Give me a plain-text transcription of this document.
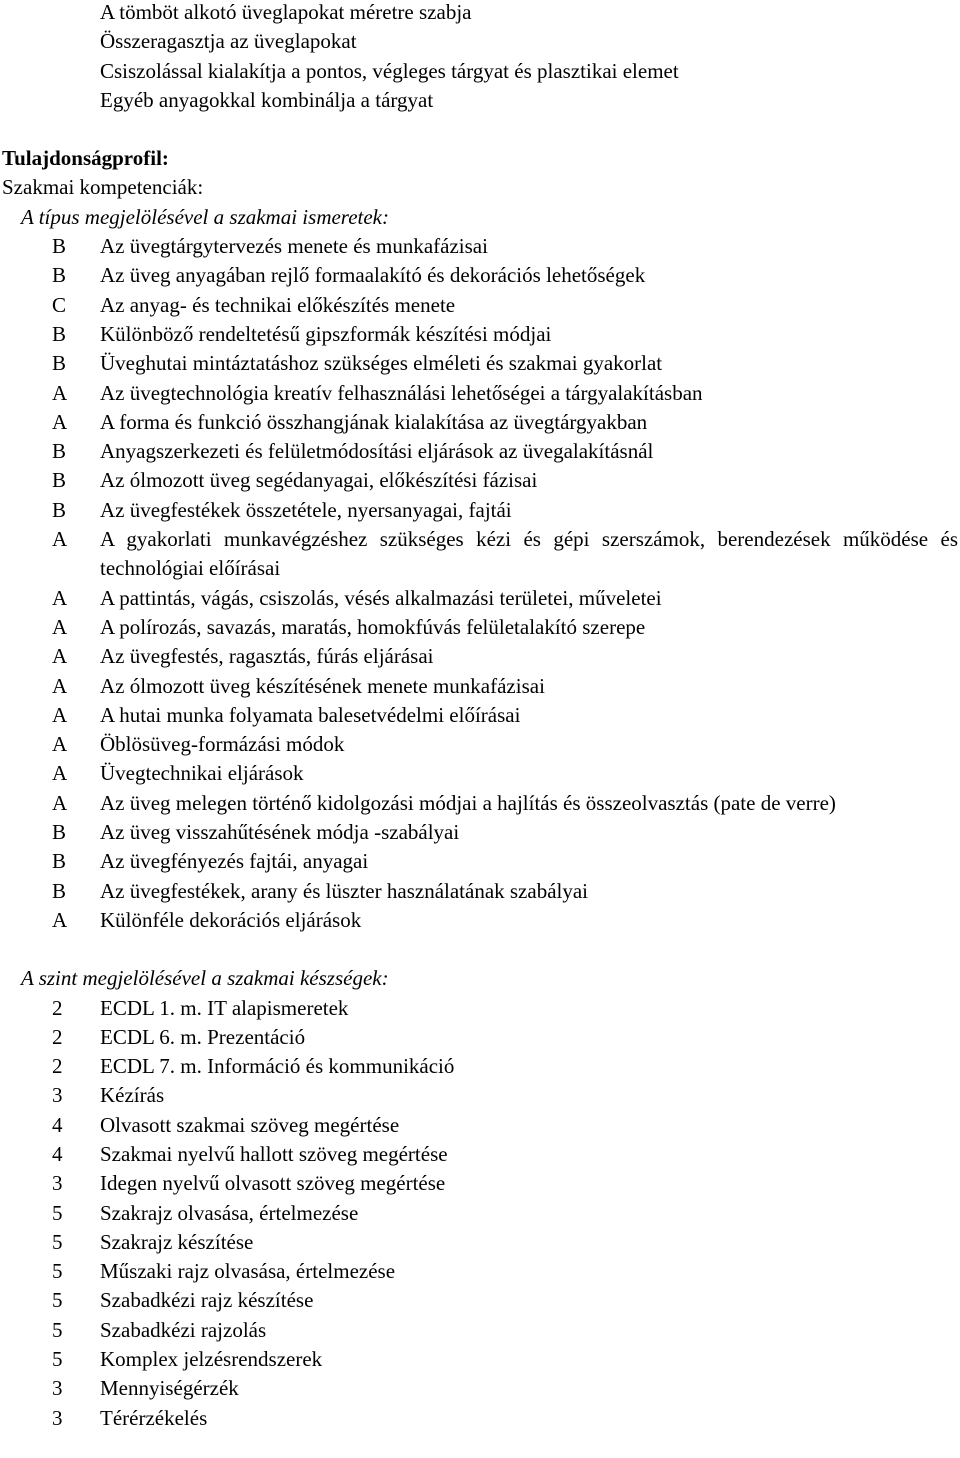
A tömböt alkotó üveglapokat méretre szabja
Összeragasztja az üveglapokat
Csiszolással kialakítja a pontos, végleges tárgyat és plasztikai elemet
Egyéb anyagokkal kombinálja a tárgyat
Tulajdonságprofil:
Szakmai kompetenciák:
A típus megjelölésével a szakmai ismeretek:
B	Az üvegtárgytervezés menete és munkafázisai
B	Az üveg anyagában rejlő formaalakító és dekorációs lehetőségek
C	Az anyag- és technikai előkészítés menete
B	Különböző rendeltetésű gipszformák készítési módjai
B	Üveghutai mintáztatáshoz szükséges elméleti és szakmai gyakorlat
A	Az üvegtechnológia kreatív felhasználási lehetőségei a tárgyalakításban
A	A forma és funkció összhangjának kialakítása az üvegtárgyakban
B	Anyagszerkezeti és felületmódosítási eljárások az üvegalakításnál
B	Az ólmozott üveg segédanyagai, előkészítési fázisai
B	Az üvegfestékek összetétele, nyersanyagai, fajtái
A	A gyakorlati munkavégzéshez szükséges kézi és gépi szerszámok, berendezések működése és technológiai előírásai
A	A pattintás, vágás, csiszolás, vésés alkalmazási területei, műveletei
A	A polírozás, savazás, maratás, homokfúvás felületalakító szerepe
A	Az üvegfestés, ragasztás, fúrás eljárásai
A	Az ólmozott üveg készítésének menete munkafázisai
A	A hutai munka folyamata balesetvédelmi előírásai
A	Öblösüveg-formázási módok
A	Üvegtechnikai eljárások
A	Az üveg melegen történő kidolgozási módjai a hajlítás és összeolvasztás (pate de verre)
B	Az üveg visszahűtésének módja -szabályai
B	Az üvegfényezés fajtái, anyagai
B	Az üvegfestékek, arany és lüszter használatának szabályai
A	Különféle dekorációs eljárások
A szint megjelölésével a szakmai készségek:
2	ECDL 1. m. IT alapismeretek
2	ECDL 6. m. Prezentáció
2	ECDL 7. m. Információ és kommunikáció
3	Kézírás
4	Olvasott szakmai szöveg megértése
4	Szakmai nyelvű hallott szöveg megértése
3	Idegen nyelvű olvasott szöveg megértése
5	Szakrajz olvasása, értelmezése
5	Szakrajz készítése
5	Műszaki rajz olvasása, értelmezése
5	Szabadkézi rajz készítése
5	Szabadkézi rajzolás
5	Komplex jelzésrendszerek
3	Mennyiségérzék
3	Térérzékelés
